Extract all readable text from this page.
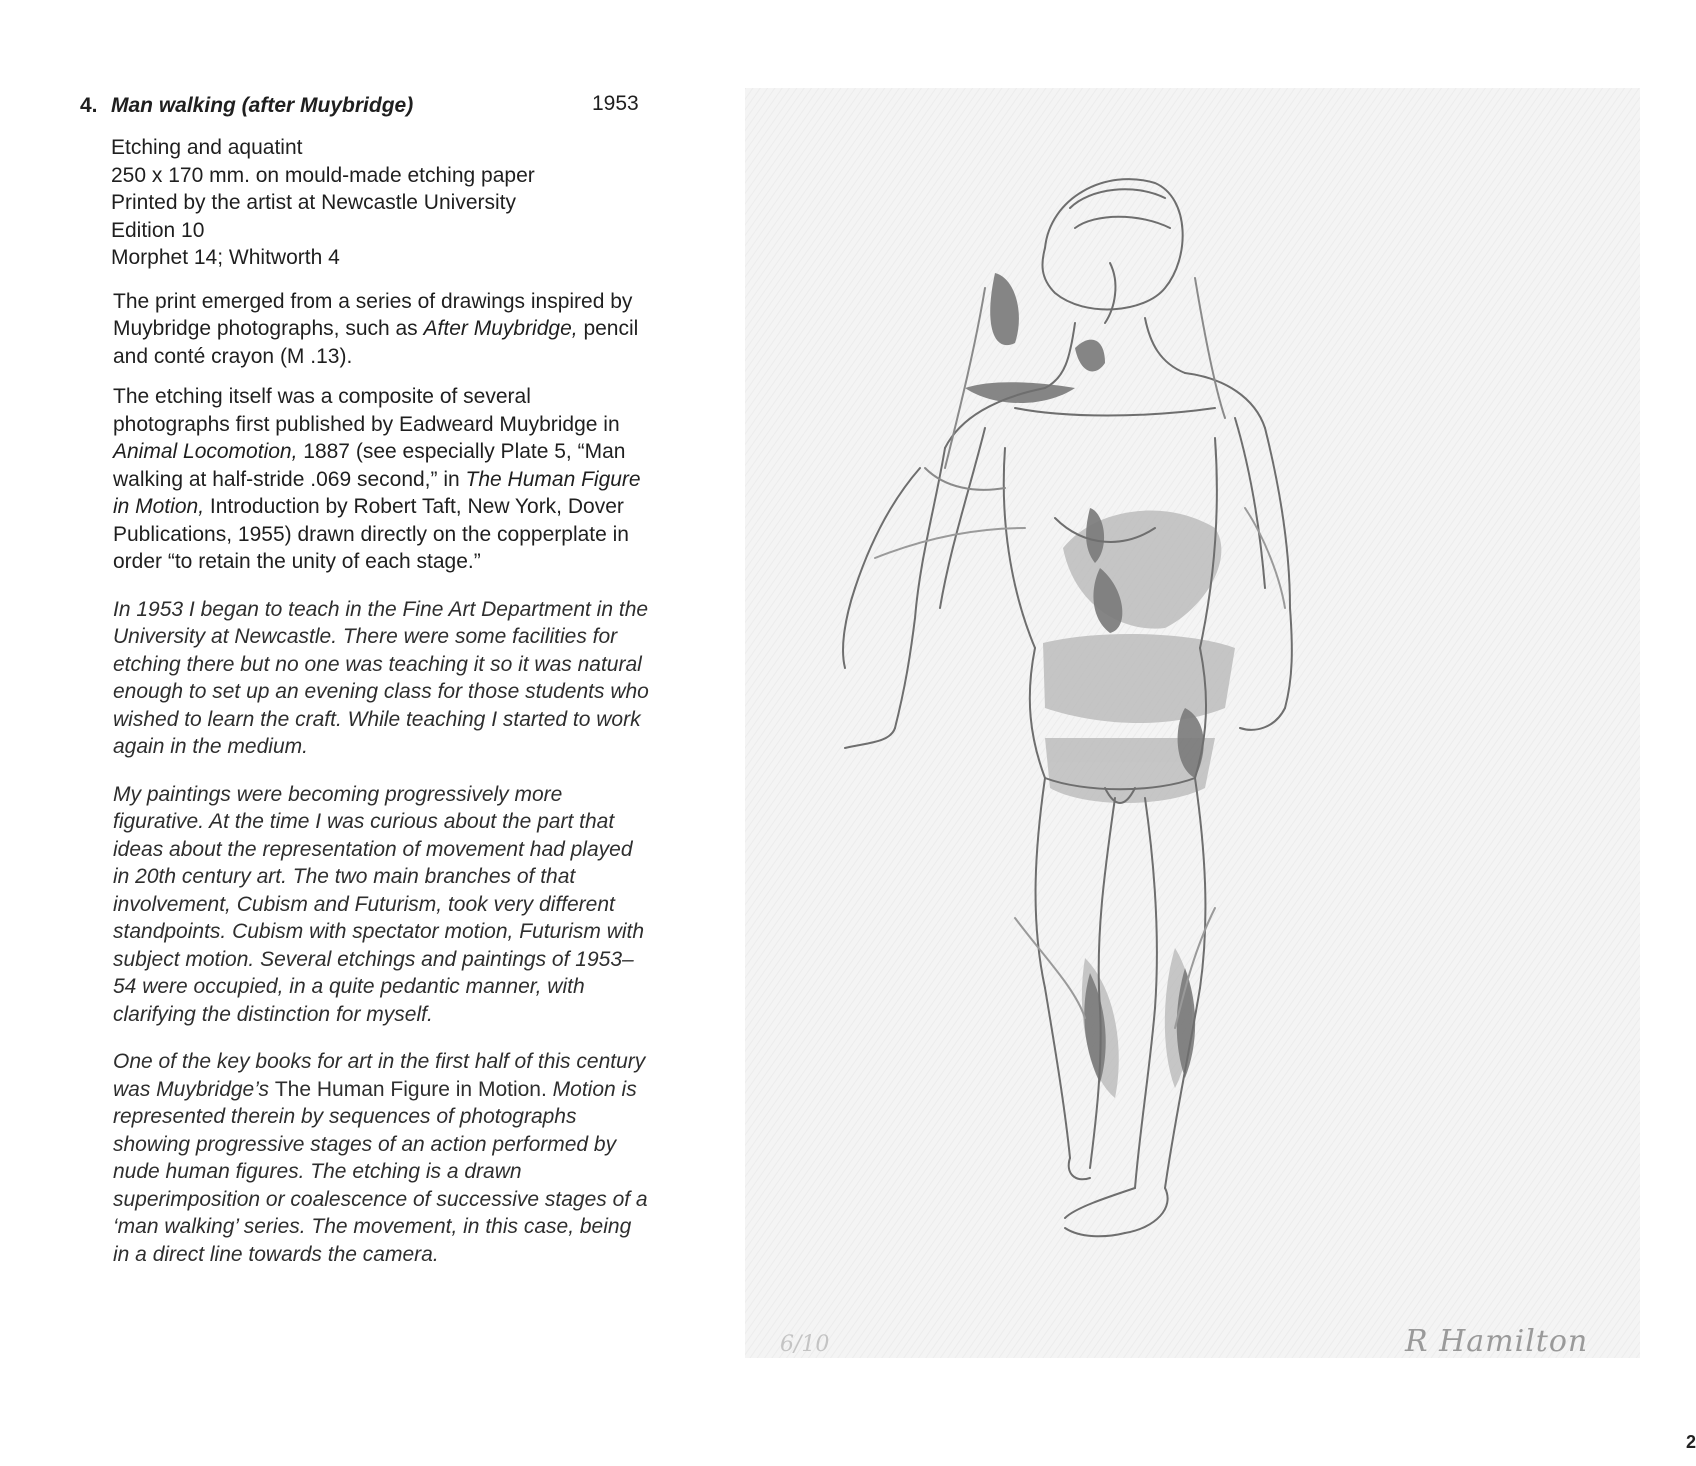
4. Man walking (after Muybridge)	1953
Etching and aquatint
250 x 170 mm. on mould-made etching paper
Printed by the artist at Newcastle University
Edition 10
Morphet 14; Whitworth 4
The print emerged from a series of drawings inspired by Muybridge photographs, such as After Muybridge, pencil and conté crayon (M .13).
The etching itself was a composite of several photographs first published by Eadweard Muybridge in Animal Locomotion, 1887 (see especially Plate 5, “Man walking at half-stride .069 second,” in The Human Figure in Motion, Introduction by Robert Taft, New York, Dover Publications, 1955) drawn directly on the copperplate in order “to retain the unity of each stage.”
In 1953 I began to teach in the Fine Art Department in the University at Newcastle. There were some facilities for etching there but no one was teaching it so it was natural enough to set up an evening class for those students who wished to learn the craft. While teaching I started to work again in the medium.
My paintings were becoming progressively more figurative. At the time I was curious about the part that ideas about the representation of movement had played in 20th century art. The two main branches of that involvement, Cubism and Futurism, took very different standpoints. Cubism with spectator motion, Futurism with subject motion. Several etchings and paintings of 1953–54 were occupied, in a quite pedantic manner, with clarifying the distinction for myself.
One of the key books for art in the first half of this century was Muybridge’s The Human Figure in Motion. Motion is represented therein by sequences of photographs showing progressive stages of an action performed by nude human figures. The etching is a drawn superimposition or coalescence of successive stages of a ‘man walking’ series. The movement, in this case, being in a direct line towards the camera.
6/10	R Hamilton
2
